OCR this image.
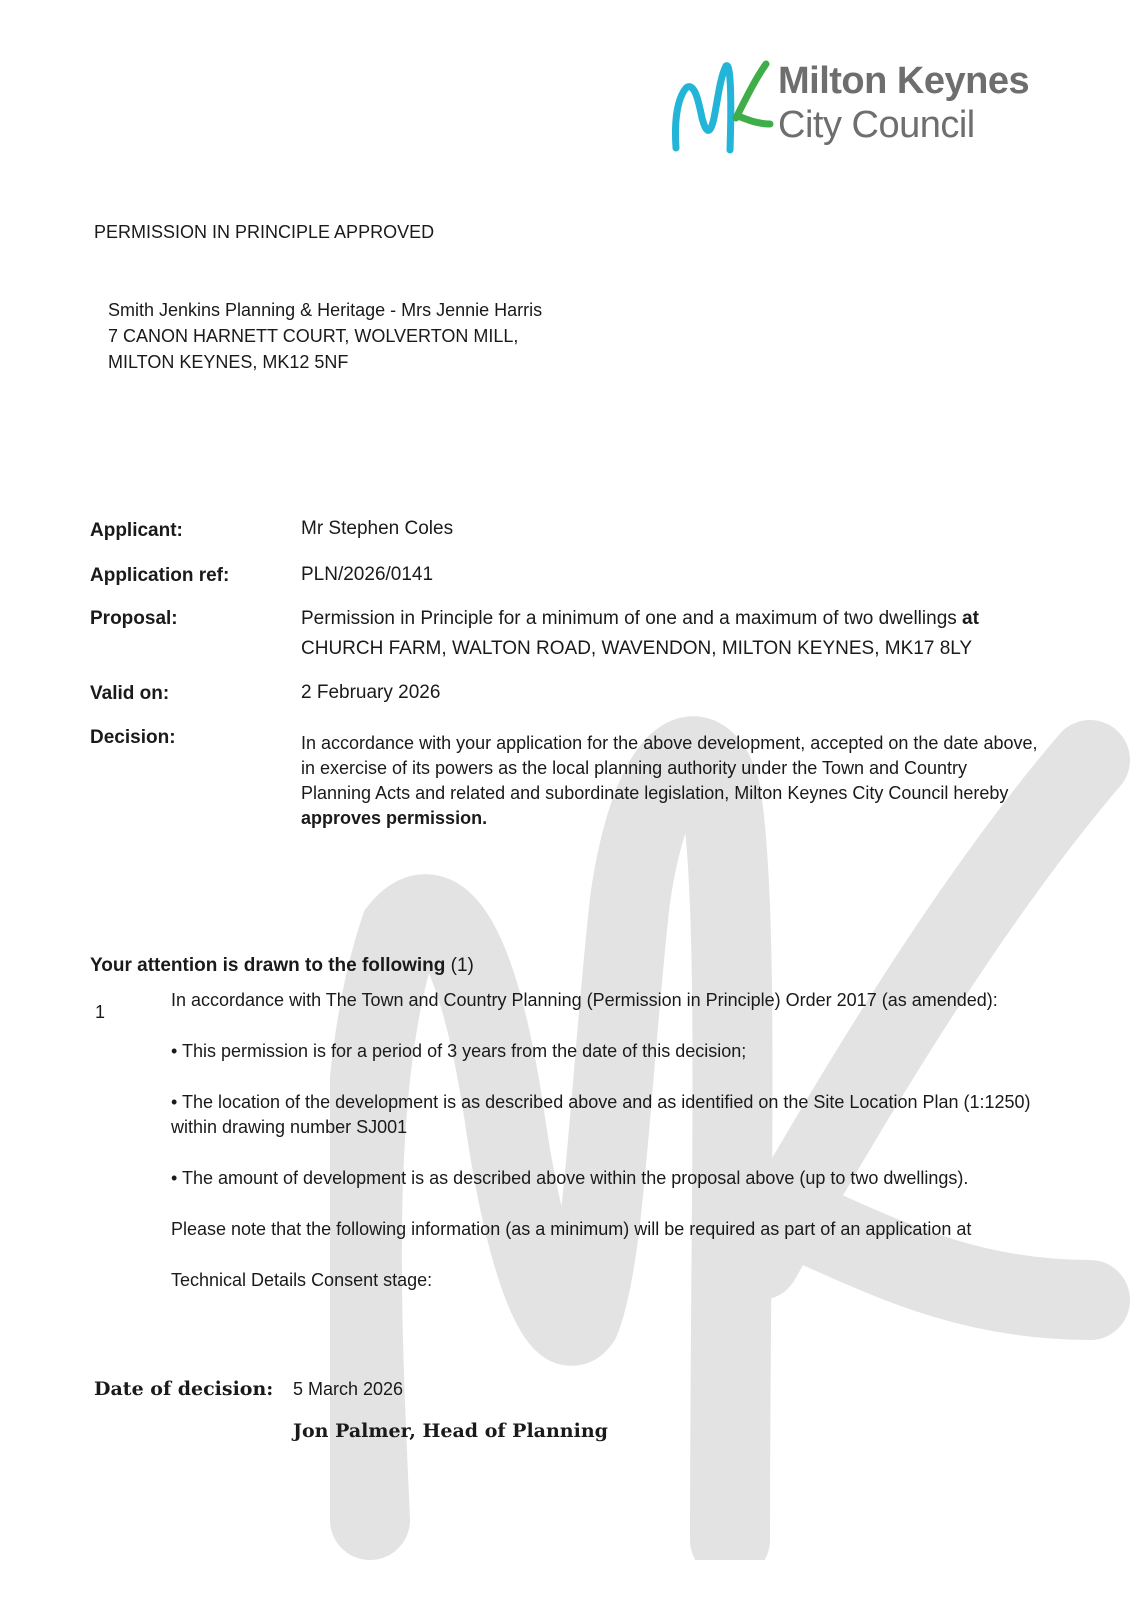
Milton Keynes
City Council
PERMISSION IN PRINCIPLE APPROVED
Smith Jenkins Planning & Heritage - Mrs Jennie Harris
7 CANON HARNETT COURT, WOLVERTON MILL,
MILTON KEYNES, MK12 5NF
Applicant:	Mr Stephen Coles
Application ref:	PLN/2026/0141
Proposal:	Permission in Principle for a minimum of one and a maximum of two dwellings at
CHURCH FARM, WALTON ROAD, WAVENDON, MILTON KEYNES, MK17 8LY
Valid on:	2 February 2026
Decision:	In accordance with your application for the above development, accepted on the date above, in exercise of its powers as the local planning authority under the Town and Country Planning Acts and related and subordinate legislation, Milton Keynes City Council hereby approves permission.
Your attention is drawn to the following (1)
1
In accordance with The Town and Country Planning (Permission in Principle) Order 2017 (as amended):
• This permission is for a period of 3 years from the date of this decision;
• The location of the development is as described above and as identified on the Site Location Plan (1:1250) within drawing number SJ001
• The amount of development is as described above within the proposal above (up to two dwellings).
Please note that the following information (as a minimum) will be required as part of an application at
Technical Details Consent stage:
Date of decision: 5 March 2026
Jon Palmer, Head of Planning
